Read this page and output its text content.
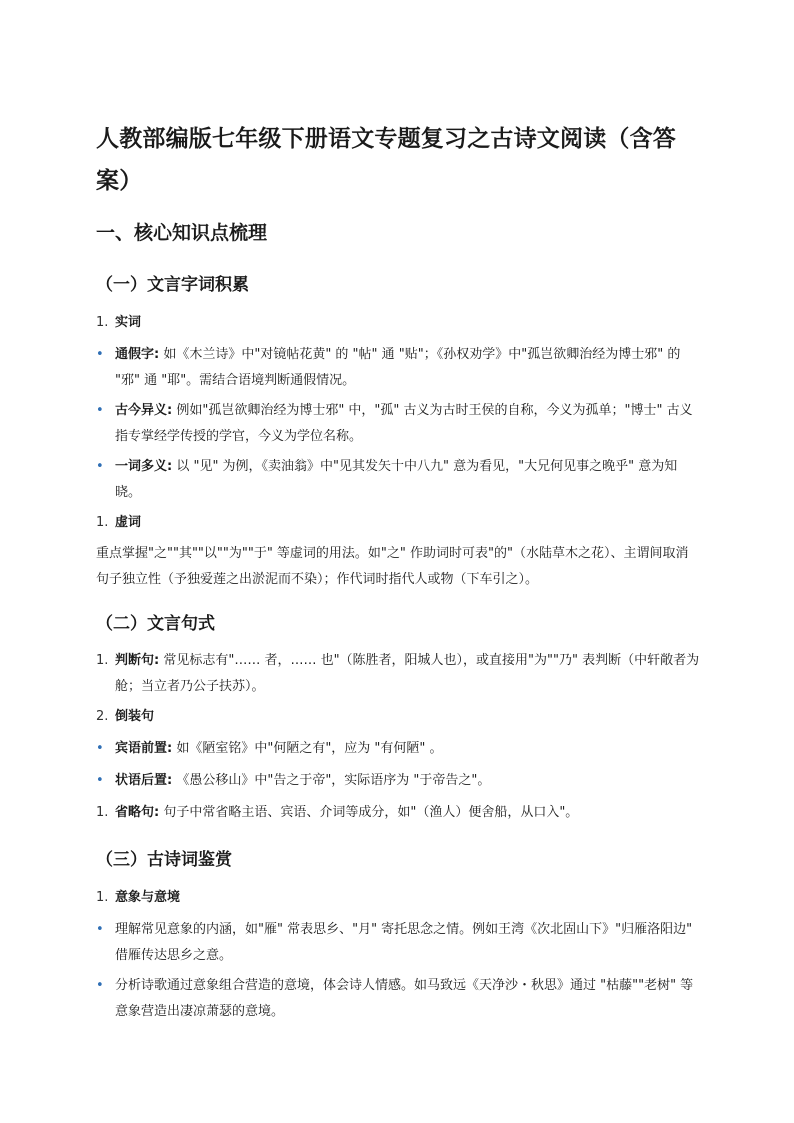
人教部编版七年级下册语文专题复习之古诗文阅读（含答案）
一、核心知识点梳理
（一）文言字词积累
1. 实词
• 通假字: 如《木兰诗》中"对镜帖花黄" 的 "帖" 通 "贴"；《孙权劝学》中"孤岂欲卿治经为博士邪" 的 "邪" 通 "耶"。需结合语境判断通假情况。
• 古今异义: 例如"孤岂欲卿治经为博士邪" 中，"孤" 古义为古时王侯的自称，今义为孤单；"博士" 古义指专掌经学传授的学官，今义为学位名称。
• 一词多义: 以 "见" 为例，《卖油翁》中"见其发矢十中八九" 意为看见，"大兄何见事之晚乎" 意为知晓。
1. 虚词
重点掌握"之""其""以""为""于" 等虚词的用法。如"之" 作助词时可表"的"（水陆草木之花）、主谓间取消句子独立性（予独爱莲之出淤泥而不染）；作代词时指代人或物（下车引之）。
（二）文言句式
1. 判断句: 常见标志有"…… 者，…… 也"（陈胜者，阳城人也），或直接用"为""乃" 表判断（中轩敞者为舱；当立者乃公子扶苏）。
2. 倒装句
• 宾语前置: 如《陋室铭》中"何陋之有"，应为 "有何陋" 。
• 状语后置: 《愚公移山》中"告之于帝"，实际语序为 "于帝告之"。
1. 省略句: 句子中常省略主语、宾语、介词等成分，如"（渔人）便舍船，从口入"。
（三）古诗词鉴赏
1. 意象与意境
• 理解常见意象的内涵，如"雁" 常表思乡、"月" 寄托思念之情。例如王湾《次北固山下》"归雁洛阳边" 借雁传达思乡之意。
• 分析诗歌通过意象组合营造的意境，体会诗人情感。如马致远《天净沙・秋思》通过 "枯藤""老树" 等意象营造出凄凉萧瑟的意境。
